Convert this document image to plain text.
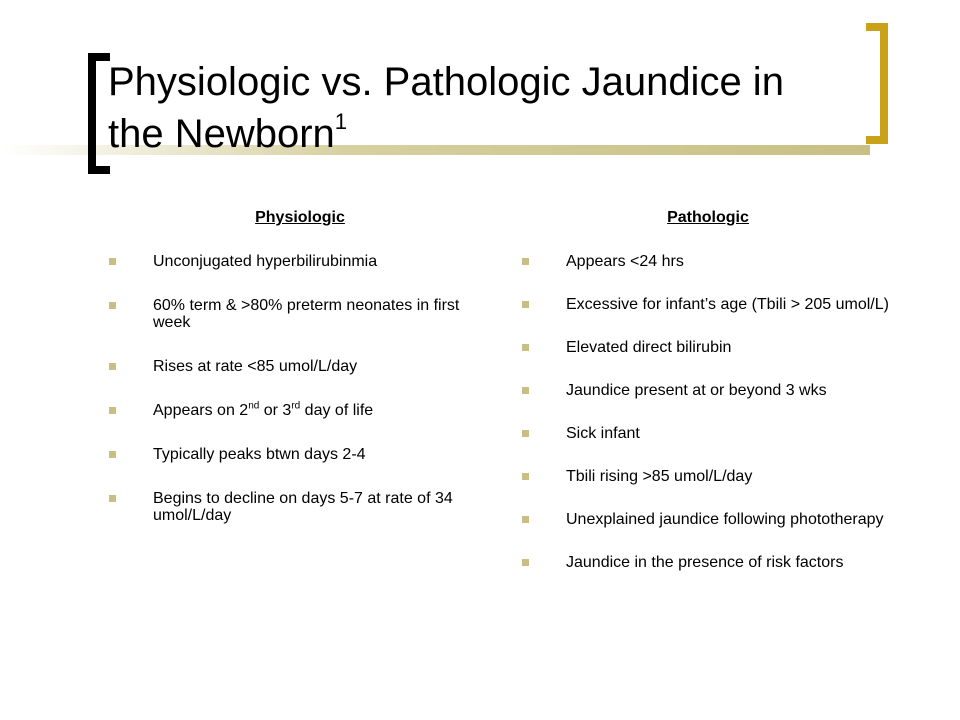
Physiologic vs. Pathologic Jaundice in
the Newborn$^1$

Physiologic

Unconjugated hyperbilirubinmia
60% term & >80% preterm neonates in first week
Rises at rate <85 umol/L/day
Appears on 2nd or 3rd day of life
Typically peaks btwn days 2-4
Begins to decline on days 5-7 at rate of 34 umol/L/day

Pathologic

Appears <24 hrs
Excessive for infant’s age (Tbili > 205 umol/L)
Elevated direct bilirubin
Jaundice present at or beyond 3 wks
Sick infant
Tbili rising >85 umol/L/day
Unexplained jaundice following phototherapy
Jaundice in the presence of risk factors
